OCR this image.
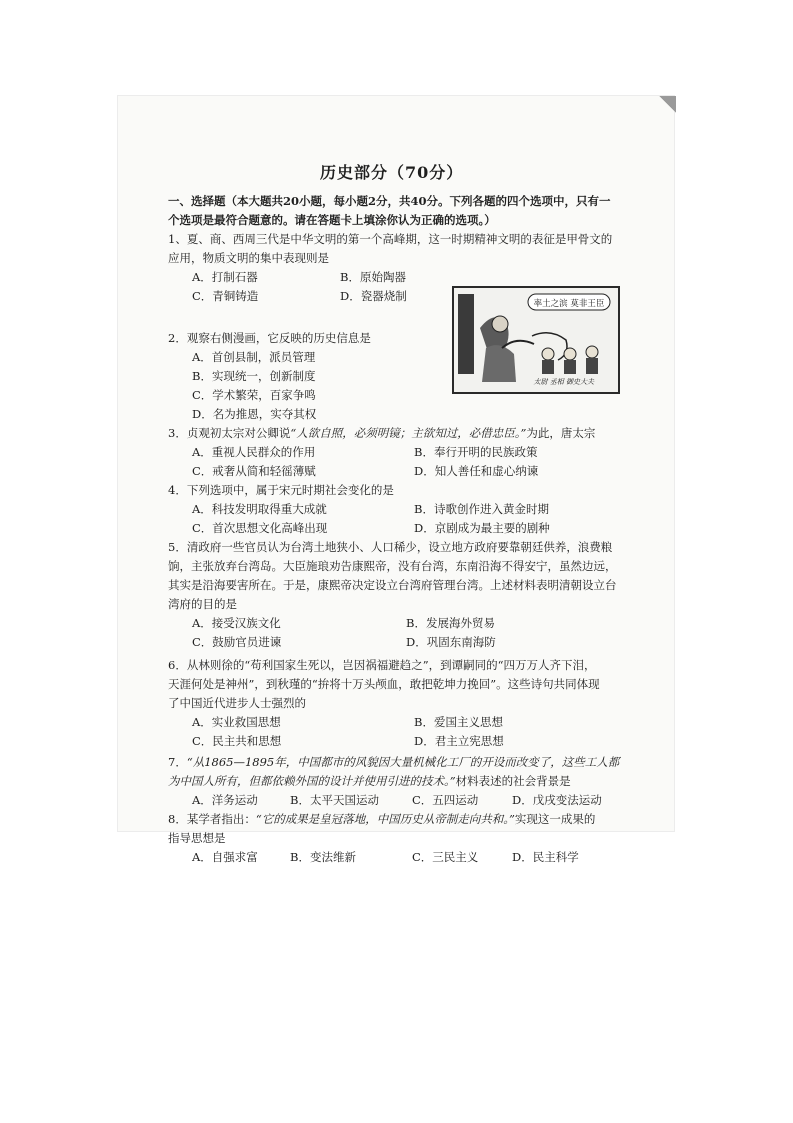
历史部分（70分）
一、选择题（本大题共20小题，每小题2分，共40分。下列各题的四个选项中，只有一
个选项是最符合题意的。请在答题卡上填涂你认为正确的选项。）
1、夏、商、西周三代是中华文明的第一个高峰期，这一时期精神文明的表征是甲骨文的
应用，物质文明的集中表现则是
A．打制石器	B．原始陶器
C．青铜铸造	D．瓷器烧制
2．观察右侧漫画，它反映的历史信息是
A．首创县制，派员管理
B．实现统一，创新制度
C．学术繁荣，百家争鸣
D．名为推恩，实夺其权
率土之滨 莫非王臣
太尉 丞相 御史大夫
3．贞观初太宗对公卿说“人欲自照，必须明镜；主欲知过，必借忠臣。”为此，唐太宗
A．重视人民群众的作用	B．奉行开明的民族政策
C．戒奢从简和轻徭薄赋	D．知人善任和虚心纳谏
4．下列选项中，属于宋元时期社会变化的是
A．科技发明取得重大成就	B．诗歌创作进入黄金时期
C．首次思想文化高峰出现	D．京剧成为最主要的剧种
5．清政府一些官员认为台湾土地狭小、人口稀少，设立地方政府要靠朝廷供养，浪费粮
饷，主张放弃台湾岛。大臣施琅劝告康熙帝，没有台湾，东南沿海不得安宁，虽然边远，
其实是沿海要害所在。于是，康熙帝决定设立台湾府管理台湾。上述材料表明清朝设立台
湾府的目的是
A．接受汉族文化	B．发展海外贸易
C．鼓励官员进谏	D．巩固东南海防
6．从林则徐的“苟利国家生死以，岂因祸福避趋之”，到谭嗣同的“四万万人齐下泪，
天涯何处是神州”，到秋瑾的“拚将十万头颅血，敢把乾坤力挽回”。这些诗句共同体现
了中国近代进步人士强烈的
A．实业救国思想	B．爱国主义思想
C．民主共和思想	D．君主立宪思想
7．“从1865—1895年，中国都市的风貌因大量机械化工厂的开设而改变了，这些工人都
为中国人所有，但都依赖外国的设计并使用引进的技术。”材料表述的社会背景是
A．洋务运动	B．太平天国运动	C．五四运动	D．戊戌变法运动
8．某学者指出：“它的成果是皇冠落地，中国历史从帝制走向共和。”实现这一成果的
指导思想是
A．自强求富	B．变法维新	C．三民主义	D．民主科学
